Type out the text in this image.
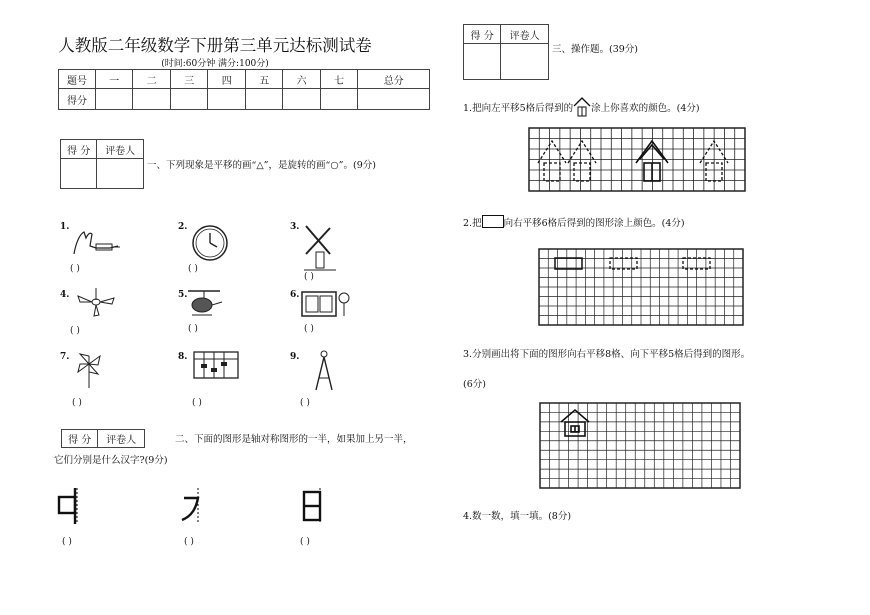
人教版二年级数学下册第三单元达标测试卷
(时间:60分钟 满分:100分)
题号	一	二	三	四	五	六	七	总分
得分								
得 分	评卷人

一、下列现象是平移的画“△”，是旋转的画“○”。(9分)
1.
( )
2.
( )
3.
( )
4.
( )
5.
( )
6.
( )
7.
( )
8.
( )
9.
( )
得 分	评卷人	二、下面的图形是轴对称图形的一半，如果加上另一半，
它们分别是什么汉字?(9分)
( )	( )	( )
得 分	评卷人

三、操作题。(39分)
1.把向左平移5格后得到的 涂上你喜欢的颜色。(4分)
2.把 向右平移6格后得到的图形涂上颜色。(4分)
3.分别画出将下面的图形向右平移8格、向下平移5格后得到的图形。
(6分)
4.数一数，填一填。(8分)
